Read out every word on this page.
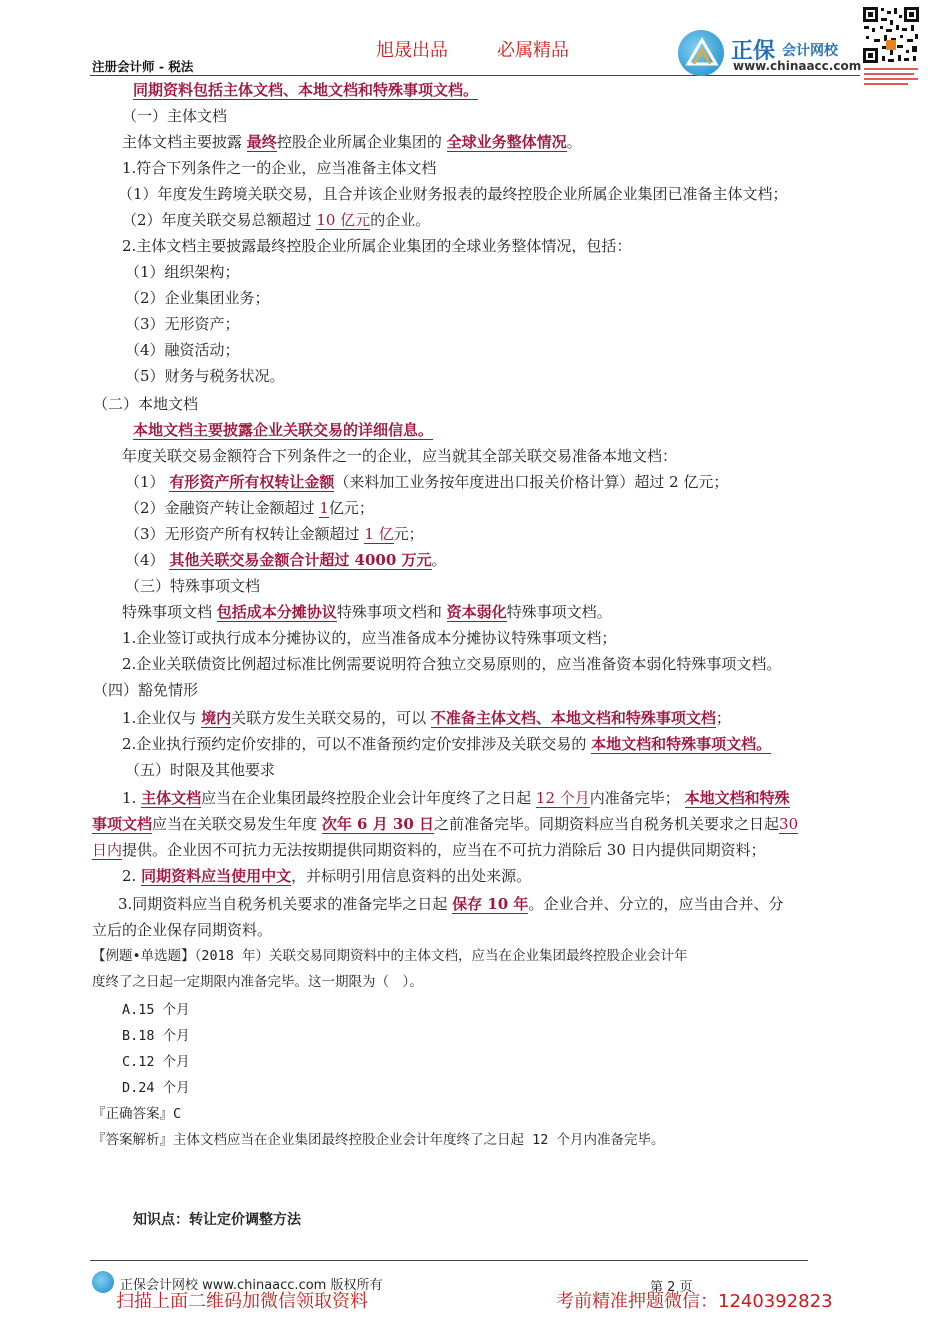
旭晟出品	必属精品
注册会计师 - 税法
正保 会计网校
www.chinaacc.com
同期资料包括主体文档、本地文档和特殊事项文档。
（一）主体文档
主体文档主要披露 最终控股企业所属企业集团的 全球业务整体情况。
1.符合下列条件之一的企业，应当准备主体文档
（1）年度发生跨境关联交易，且合并该企业财务报表的最终控股企业所属企业集团已准备主体文档；
（2）年度关联交易总额超过 10 亿元的企业。
2.主体文档主要披露最终控股企业所属企业集团的全球业务整体情况，包括：
（1）组织架构；
（2）企业集团业务；
（3）无形资产；
（4）融资活动；
（5）财务与税务状况。
（二）本地文档
本地文档主要披露企业关联交易的详细信息。
年度关联交易金额符合下列条件之一的企业，应当就其全部关联交易准备本地文档：
（1） 有形资产所有权转让金额（来料加工业务按年度进出口报关价格计算）超过 2 亿元；
（2）金融资产转让金额超过 1亿元；
（3）无形资产所有权转让金额超过 1 亿元；
（4） 其他关联交易金额合计超过 4000 万元。
（三）特殊事项文档
特殊事项文档 包括成本分摊协议特殊事项文档和 资本弱化特殊事项文档。
1.企业签订或执行成本分摊协议的，应当准备成本分摊协议特殊事项文档；
2.企业关联债资比例超过标准比例需要说明符合独立交易原则的，应当准备资本弱化特殊事项文档。
（四）豁免情形
1.企业仅与 境内关联方发生关联交易的，可以 不准备主体文档、本地文档和特殊事项文档；
2.企业执行预约定价安排的，可以不准备预约定价安排涉及关联交易的 本地文档和特殊事项文档。
（五）时限及其他要求
1. 主体文档应当在企业集团最终控股企业会计年度终了之日起 12 个月内准备完毕； 本地文档和特殊
事项文档应当在关联交易发生年度 次年 6 月 30 日之前准备完毕。同期资料应当自税务机关要求之日起30
日内提供。企业因不可抗力无法按期提供同期资料的，应当在不可抗力消除后 30 日内提供同期资料；
2. 同期资料应当使用中文，并标明引用信息资料的出处来源。
3.同期资料应当自税务机关要求的准备完毕之日起 保存 10 年。企业合并、分立的，应当由合并、分
立后的企业保存同期资料。
【例题•单选题】（2018 年）关联交易同期资料中的主体文档，应当在企业集团最终控股企业会计年
度终了之日起一定期限内准备完毕。这一期限为（　）。
A.15 个月
B.18 个月
C.12 个月
D.24 个月
『正确答案』C
『答案解析』主体文档应当在企业集团最终控股企业会计年度终了之日起 12 个月内准备完毕。
知识点：转让定价调整方法
正保会计网校 www.chinaacc.com 版权所有	第 2 页
扫描上面二维码加微信领取资料	考前精准押题微信：1240392823
